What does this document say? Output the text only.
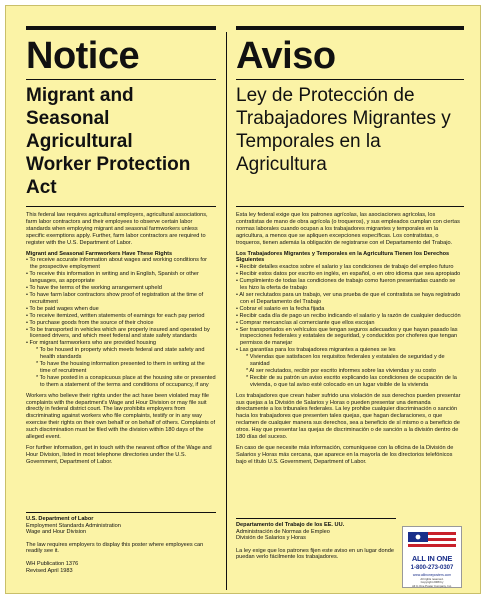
Notice	Aviso
Migrant and Seasonal Agricultural Worker Protection Act
Ley de Protección de Trabajadores Migrantes y Temporales en la Agricultura

This federal law requires agricultural employers, agricultural associations, farm labor contractors and their employees to observe certain labor standards when employing migrant and seasonal farmworkers unless specific exemptions apply. Further, farm labor contractors are required to register with the U.S. Department of Labor.

Migrant and Seasonal Farmworkers Have These Rights

• To receive accurate information about wages and working conditions for the prospective employment
• To receive this information in writing and in English, Spanish or other languages, as appropriate
• To have the terms of the working arrangement upheld
• To have farm labor contractors show proof of registration at the time of recruitment
• To be paid wages when due
• To receive itemized, written statements of earnings for each pay period
• To purchase goods from the source of their choice
• To be transported in vehicles which are properly insured and operated by licensed drivers, and which meet federal and state safety standards
• For migrant farmworkers who are provided housing
* To be housed in property which meets federal and state safety and health standards
* To have the housing information presented to them in writing at the time of recruitment
* To have posted in a conspicuous place at the housing site or presented to them a statement of the terms and conditions of occupancy, if any

Workers who believe their rights under the act have been violated may file complaints with the department's Wage and Hour Division or may file suit directly in federal district court. The law prohibits employers from discriminating against workers who file complaints, testify or in any way exercise their rights on their own behalf or on behalf of others. Complaints of such discrimination must be filed with the division within 180 days of the alleged event.

For further information, get in touch with the nearest office of the Wage and Hour Division, listed in most telephone directories under the U.S. Government, Department of Labor.

U.S. Department of Labor
Employment Standards Administration
Wage and Hour Division
The law requires employers to display this poster where employees can readily see it.
WH Publication 1376
Revised April 1983

Esta ley federal exige que los patrones agrícolas, las asociaciones agrícolas, los contratistas de mano de obra agrícola (o troqueros), y sus empleados cumplan con ciertas normas laborales cuando ocupan a los trabajadores migrantes y temporales en la agricultura, a menos que se apliquen excepciones específicas. Los contratistas, o troqueros, tienen además la obligación de registrarse con el Departamento del Trabajo.

Los Trabajadores Migrantes y Temporales en la Agricultura Tienen los Derechos Siguientes

• Recibir detalles exactos sobre el salario y las condiciones de trabajo del empleo futuro
• Recibir estos datos por escrito en inglés, en español, o en otro idioma que sea apropiado
• Cumplimiento de todas las condiciones de trabajo como fueron presentadas cuando se les hizo la oferta de trabajo
• Al ser reclutados para un trabajo, ver una prueba de que el contratista se haya registrado con el Departamento del Trabajo
• Cobrar el salario en la fecha fijada
• Recibir cada día de pago un recibo indicando el salario y la razón de cualquier deducción
• Comprar mercancías al comerciante que ellos escojan
• Ser transportados en vehículos que tengan seguros adecuados y que hayan pasado las inspecciones federales y estatales de seguridad, y conducidos por choferes que tengan permisos de manejar
• Las garantías para los trabajadores migrantes a quienes se les
* Viviendas que satisfacen los requisitos federales y estatales de seguridad y de sanidad
* Al ser reclutados, recibir por escrito informes sobre las viviendas y su costo
* Recibir de su patrón un aviso escrito explicando las condiciones de ocupación de la vivienda, o que tal aviso esté colocado en un lugar visible de la vivienda

Los trabajadores que crean haber sufrido una violación de sus derechos pueden presentar sus quejas a la División de Salarios y Horas o pueden presentar una demanda directamente a los tribunales federales. La ley prohibe cualquier discriminación o sanción hacia los trabajadores que presenten tales quejas, que hagan declaraciones, o que reclamen de cualquier manera sus derechos, sea a beneficio de sí mismo o a beneficio de otros. Hay que presentar las quejas de discriminación o de sanción a la división dentro de 180 días del suceso.

En caso de que necesite más información, comuníquese con la oficina de la División de Salarios y Horas más cercana, que aparece en la mayoría de los directorios telefónicos bajo el título U.S. Government, Department of Labor.

Departamento del Trabajo de los EE. UU.
Administración de Normas de Empleo
División de Salarios y Horas
La ley exige que los patrones fijen este aviso en un lugar donde puedan verlo fácilmente los trabajadores.	ALL IN ONE
1-800-273-0307
www.allinoneposters.com
All rights reserved.
Copyright 2008 by
All In One Poster Company, Inc.
